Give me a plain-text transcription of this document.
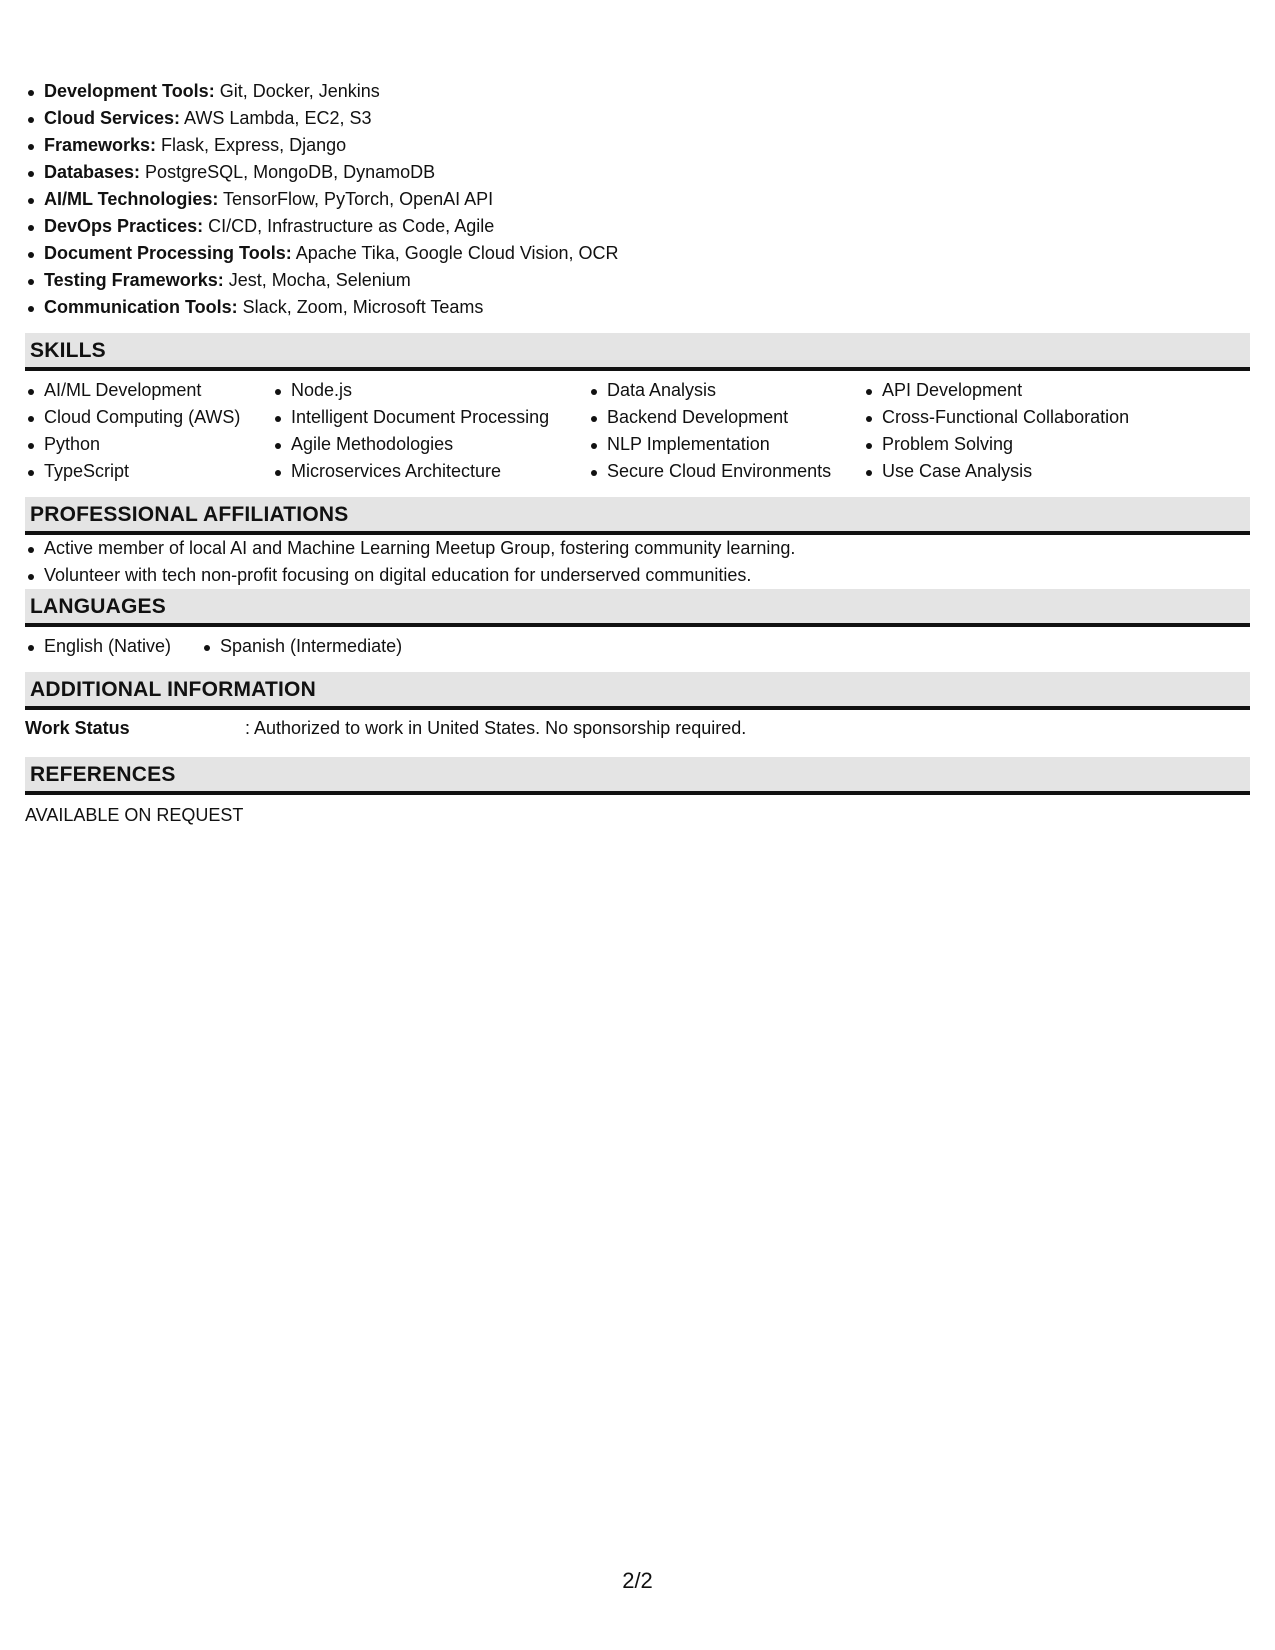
Development Tools: Git, Docker, Jenkins
Cloud Services: AWS Lambda, EC2, S3
Frameworks: Flask, Express, Django
Databases: PostgreSQL, MongoDB, DynamoDB
AI/ML Technologies: TensorFlow, PyTorch, OpenAI API
DevOps Practices: CI/CD, Infrastructure as Code, Agile
Document Processing Tools: Apache Tika, Google Cloud Vision, OCR
Testing Frameworks: Jest, Mocha, Selenium
Communication Tools: Slack, Zoom, Microsoft Teams
SKILLS
AI/ML Development
Cloud Computing (AWS)
Python
TypeScript
Node.js
Intelligent Document Processing
Agile Methodologies
Microservices Architecture
Data Analysis
Backend Development
NLP Implementation
Secure Cloud Environments
API Development
Cross-Functional Collaboration
Problem Solving
Use Case Analysis
PROFESSIONAL AFFILIATIONS
Active member of local AI and Machine Learning Meetup Group, fostering community learning.
Volunteer with tech non-profit focusing on digital education for underserved communities.
LANGUAGES
English (Native)	Spanish (Intermediate)
ADDITIONAL INFORMATION
Work Status	: Authorized to work in United States. No sponsorship required.
REFERENCES
AVAILABLE ON REQUEST
2/2
